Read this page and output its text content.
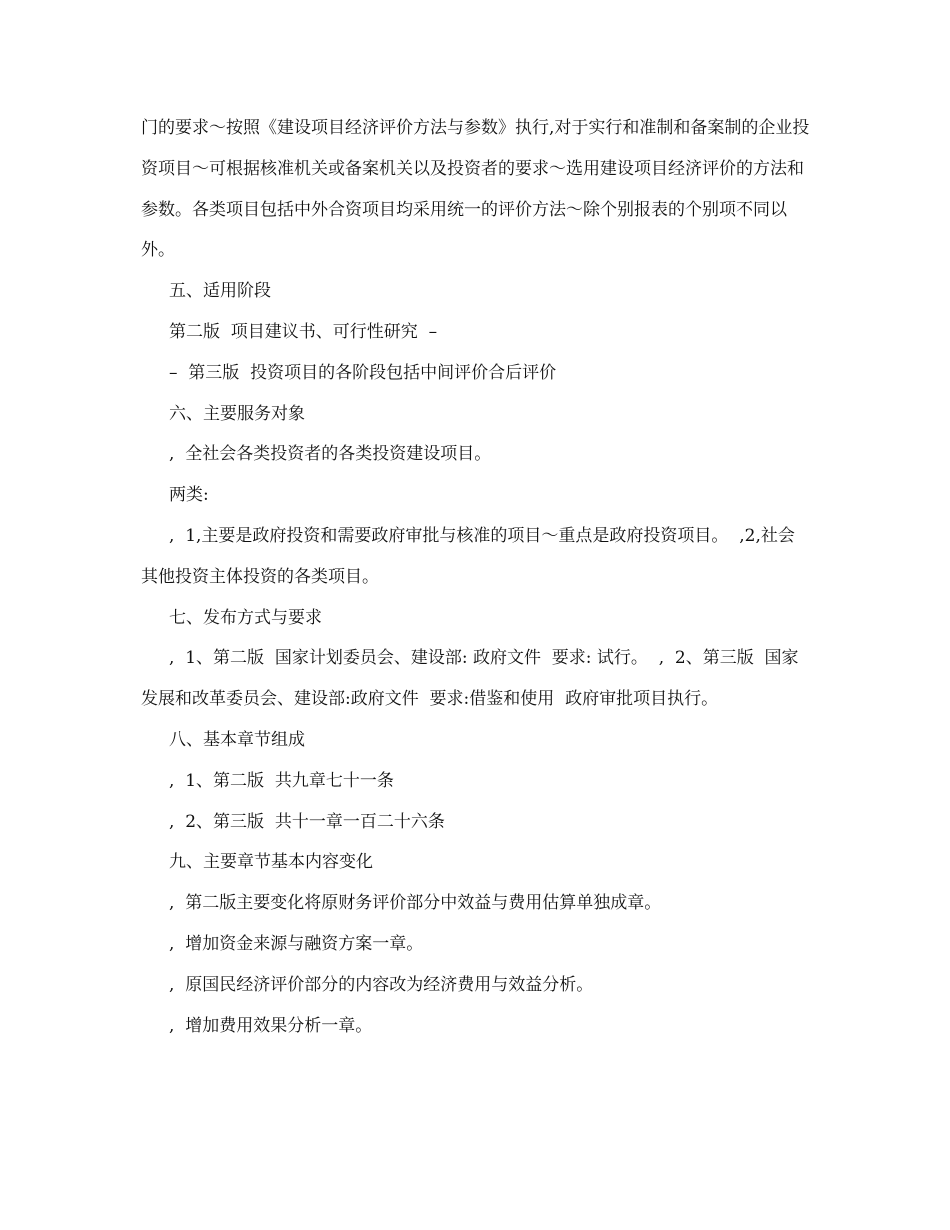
门的要求～按照《建设项目经济评价方法与参数》执行,对于实行和准制和备案制的企业投资项目～可根据核准机关或备案机关以及投资者的要求～选用建设项目经济评价的方法和参数。各类项目包括中外合资项目均采用统一的评价方法～除个别报表的个别项不同以外。

五、适用阶段

第二版  项目建议书、可行性研究  –

–  第三版  投资项目的各阶段包括中间评价合后评价

六、主要服务对象

,  全社会各类投资者的各类投资建设项目。

两类:

,  1,主要是政府投资和需要政府审批与核准的项目～重点是政府投资项目。  ,2,社会其他投资主体投资的各类项目。

七、发布方式与要求

,  1、第二版  国家计划委员会、建设部: 政府文件  要求: 试行。  ,  2、第三版  国家发展和改革委员会、建设部:政府文件  要求:借鉴和使用  政府审批项目执行。

八、基本章节组成

,  1、第二版  共九章七十一条

,  2、第三版  共十一章一百二十六条

九、主要章节基本内容变化

,  第二版主要变化将原财务评价部分中效益与费用估算单独成章。

,  增加资金来源与融资方案一章。

,  原国民经济评价部分的内容改为经济费用与效益分析。

,  增加费用效果分析一章。
